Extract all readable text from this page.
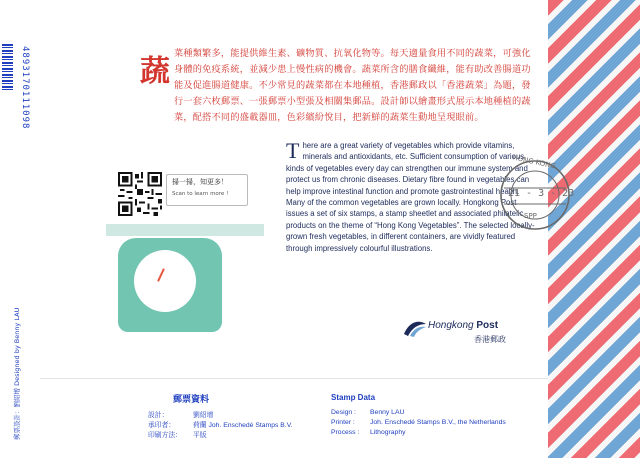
4893170111098
郵票設計：劉紹增 Designed by Benny LAU
蔬
菜種類繁多，能提供維生素、礦物質、抗氧化物等。每天適量食用不同的蔬菜，可強化身體的免疫系統，並減少患上慢性病的機會。蔬菜所含的膳食纖維，能有助改善腸道功能及促進腸道健康。不少常見的蔬菜都在本地種植，香港郵政以「香港蔬菜」為題，發行一套六枚郵票、一張郵票小型張及相關集郵品。設計師以繪畫形式展示本地種植的蔬菜，配搭不同的盛載器皿，色彩繽紛悅目，把新鮮的蔬菜生動地呈現眼前。
There are a great variety of vegetables which provide vitamins, minerals and antioxidants, etc. Sufficient consumption of various kinds of vegetables every day can strengthen our immune system and protect us from chronic diseases. Dietary fibre found in vegetables can help improve intestinal function and promote gastrointestinal health. Many of the common vegetables are grown locally. Hongkong Post issues a set of six stamps, a stamp sheetlet and associated philatelic products on the theme of “Hong Kong Vegetables”. The selected locally-grown fresh vegetables, in different containers, are vividly featured through impressively colourful illustrations.
掃一掃，知更多！
Scan to learn more !
HONG KONG
21 - 3 - 23
SPP
Hongkong Post
香港郵政
郵票資料
設計：	劉紹增
承印者：	荷蘭 Joh. Enschedé Stamps B.V.
印刷方法： 平版
Stamp Data
Design : Benny LAU
Printer : Joh. Enschedé Stamps B.V., the Netherlands
Process : Lithography
